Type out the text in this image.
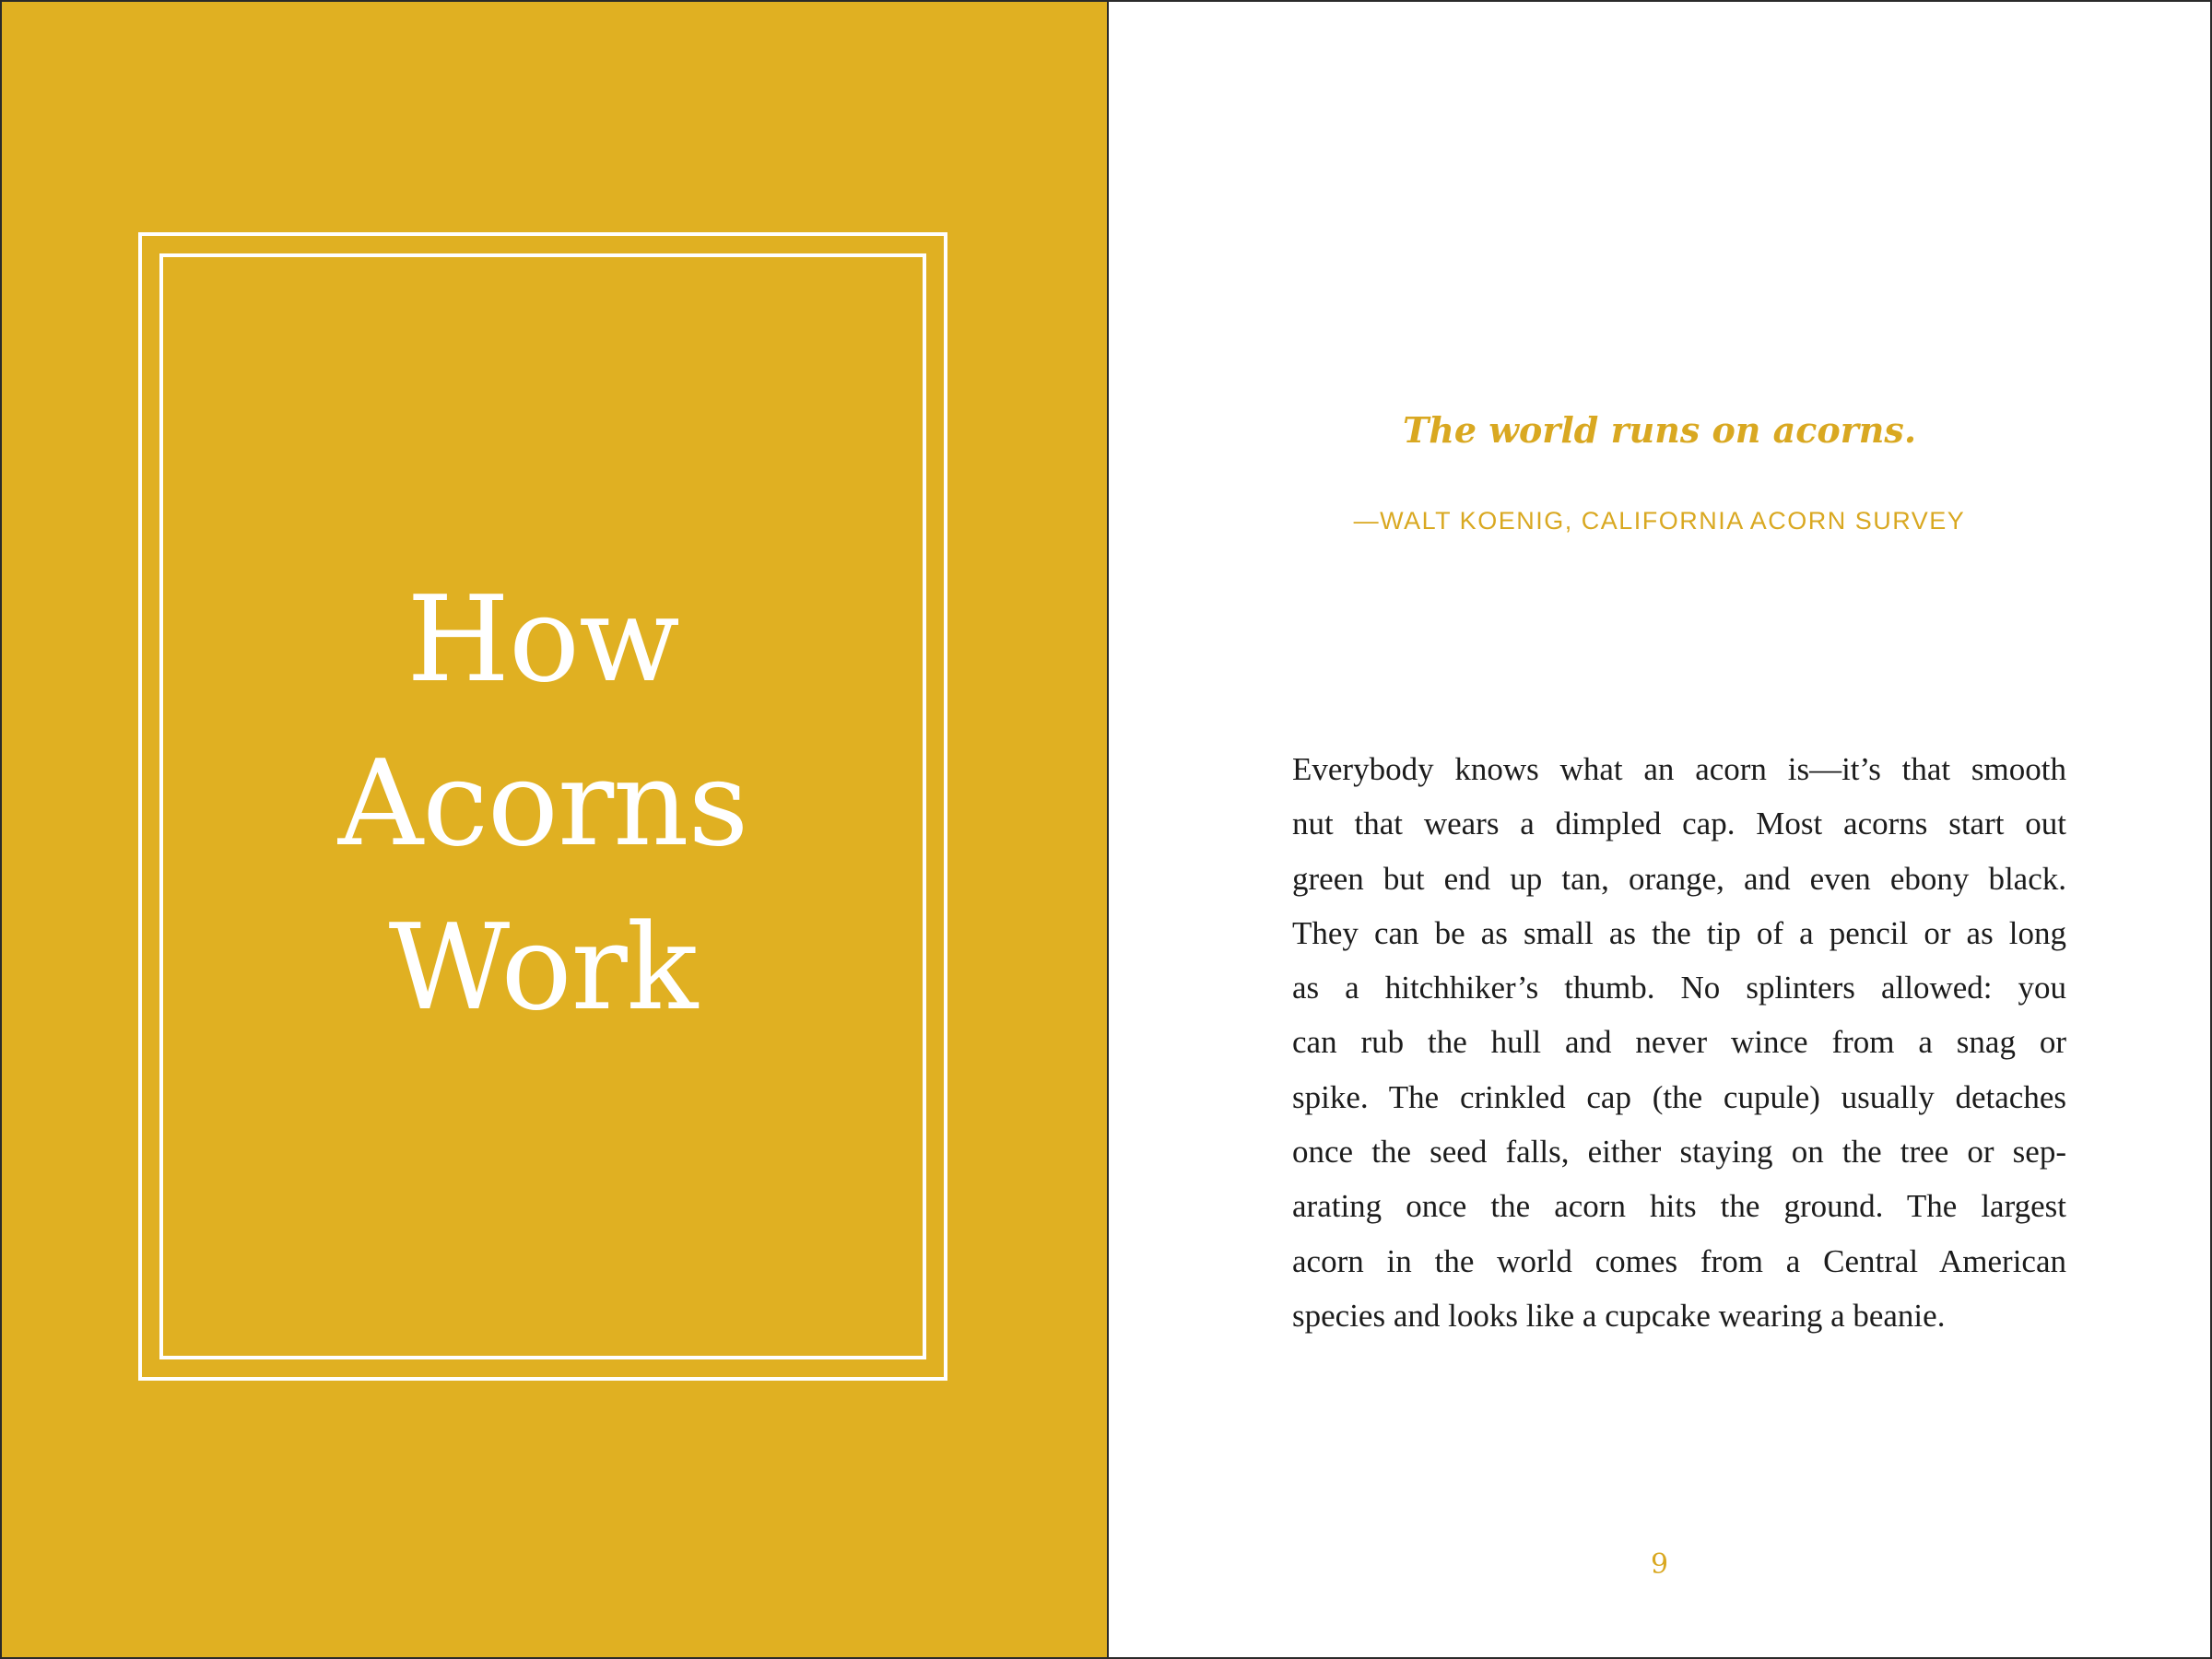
How
Acorns
Work
The world runs on acorns.
—WALT KOENIG, CALIFORNIA ACORN SURVEY
Everybody knows what an acorn is—it’s that smooth
nut that wears a dimpled cap. Most acorns start out
green but end up tan, orange, and even ebony black.
They can be as small as the tip of a pencil or as long
as a hitchhiker’s thumb. No splinters allowed: you
can rub the hull and never wince from a snag or
spike. The crinkled cap (the cupule) usually detaches
once the seed falls, either staying on the tree or sep-
arating once the acorn hits the ground. The largest
acorn in the world comes from a Central American
species and looks like a cupcake wearing a beanie.
9
